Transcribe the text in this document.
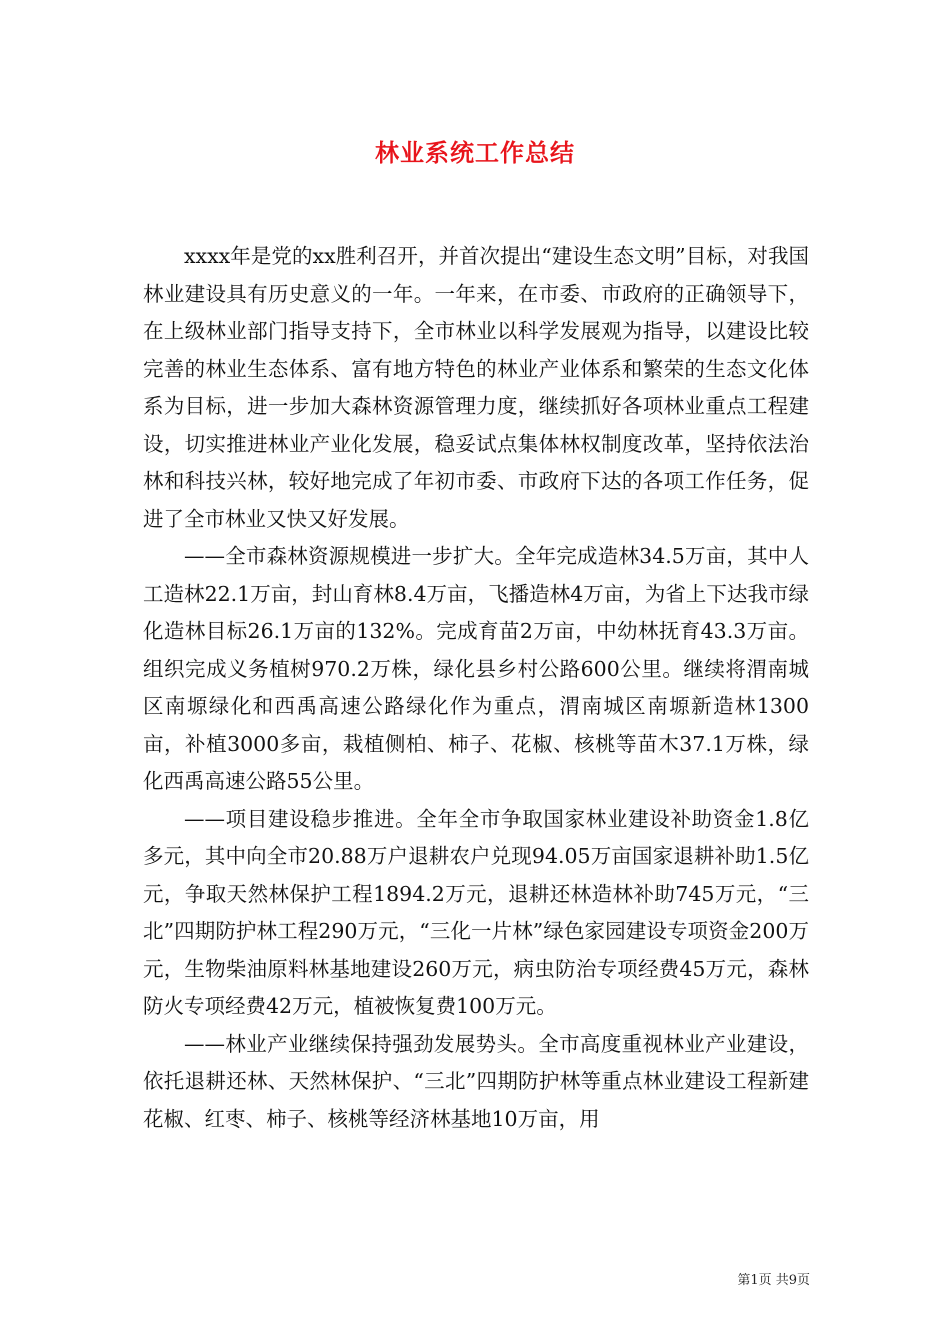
林业系统工作总结

xxxx年是党的xx胜利召开，并首次提出“建设生态文明”目标，对我国林业建设具有历史意义的一年。一年来，在市委、市政府的正确领导下，在上级林业部门指导支持下，全市林业以科学发展观为指导，以建设比较完善的林业生态体系、富有地方特色的林业产业体系和繁荣的生态文化体系为目标，进一步加大森林资源管理力度，继续抓好各项林业重点工程建设，切实推进林业产业化发展，稳妥试点集体林权制度改革，坚持依法治林和科技兴林，较好地完成了年初市委、市政府下达的各项工作任务，促进了全市林业又快又好发展。

——全市森林资源规模进一步扩大。全年完成造林34.5万亩，其中人工造林22.1万亩，封山育林8.4万亩，飞播造林4万亩，为省上下达我市绿化造林目标26.1万亩的132%。完成育苗2万亩，中幼林抚育43.3万亩。组织完成义务植树970.2万株，绿化县乡村公路600公里。继续将渭南城区南塬绿化和西禹高速公路绿化作为重点，渭南城区南塬新造林1300亩，补植3000多亩，栽植侧柏、柿子、花椒、核桃等苗木37.1万株，绿化西禹高速公路55公里。

——项目建设稳步推进。全年全市争取国家林业建设补助资金1.8亿多元，其中向全市20.88万户退耕农户兑现94.05万亩国家退耕补助1.5亿元，争取天然林保护工程1894.2万元，退耕还林造林补助745万元，“三北”四期防护林工程290万元，“三化一片林”绿色家园建设专项资金200万元，生物柴油原料林基地建设260万元，病虫防治专项经费45万元，森林防火专项经费42万元，植被恢复费100万元。

——林业产业继续保持强劲发展势头。全市高度重视林业产业建设，依托退耕还林、天然林保护、“三北”四期防护林等重点林业建设工程新建花椒、红枣、柿子、核桃等经济林基地10万亩，用

第1页 共9页
